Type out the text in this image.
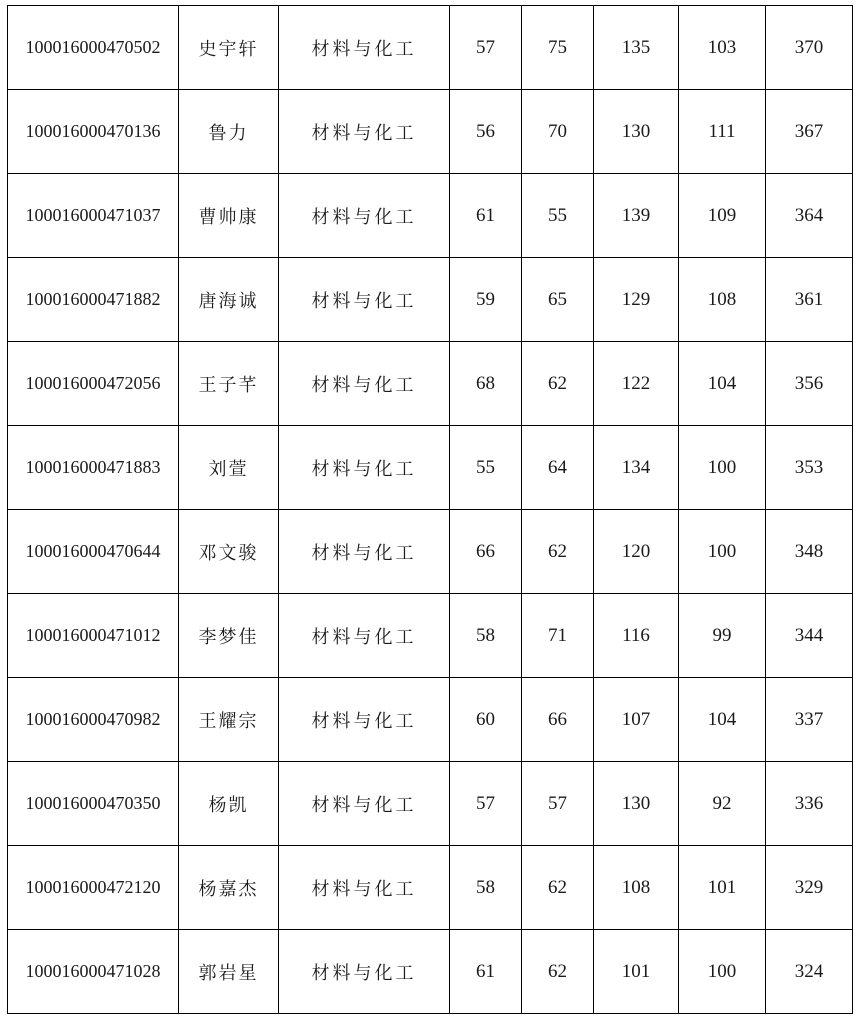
100016000470502	史宇轩	材料与化工	57	75	135	103	370
100016000470136	鲁力	材料与化工	56	70	130	111	367
100016000471037	曹帅康	材料与化工	61	55	139	109	364
100016000471882	唐海诚	材料与化工	59	65	129	108	361
100016000472056	王子芊	材料与化工	68	62	122	104	356
100016000471883	刘萱	材料与化工	55	64	134	100	353
100016000470644	邓文骏	材料与化工	66	62	120	100	348
100016000471012	李梦佳	材料与化工	58	71	116	99	344
100016000470982	王耀宗	材料与化工	60	66	107	104	337
100016000470350	杨凯	材料与化工	57	57	130	92	336
100016000472120	杨嘉杰	材料与化工	58	62	108	101	329
100016000471028	郭岩星	材料与化工	61	62	101	100	324
